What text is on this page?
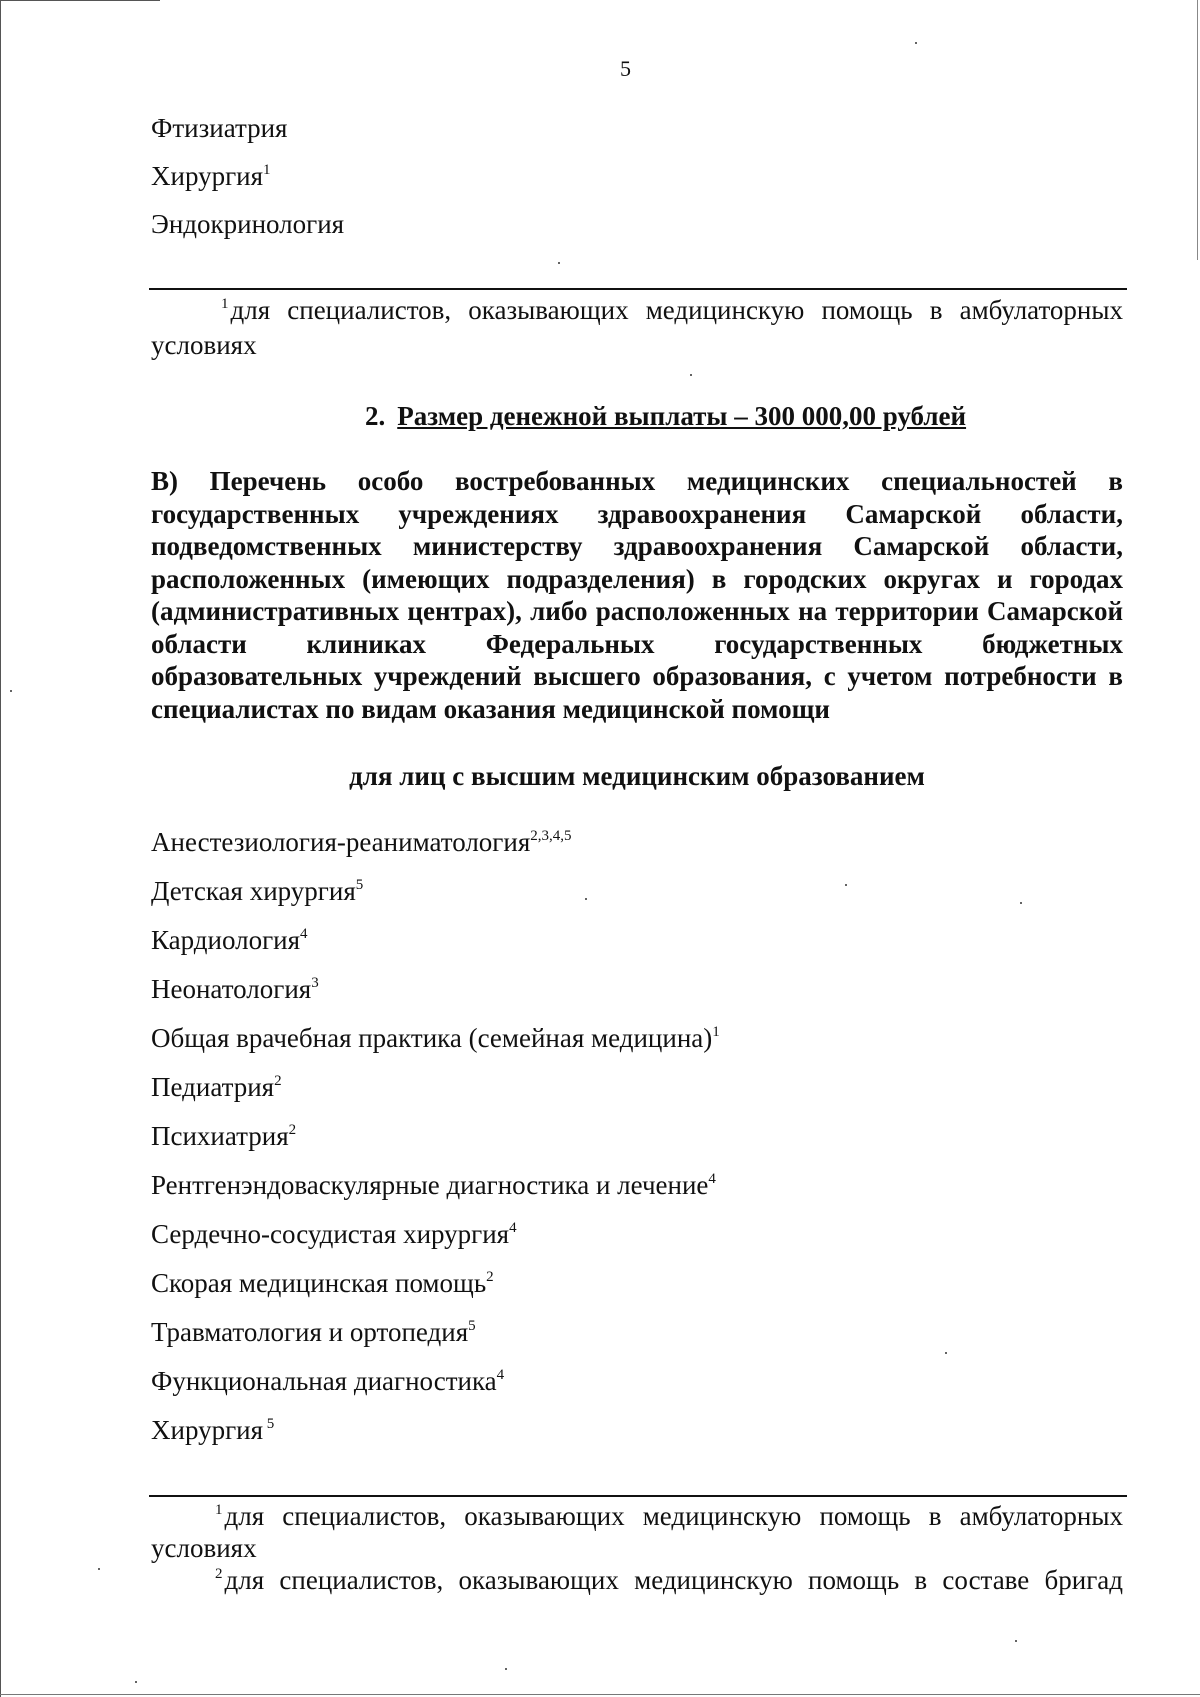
5
Фтизиатрия
Хирургия$^1$
Эндокринология
$^1$для специалистов, оказывающих медицинскую помощь в амбулаторных условиях
2. Размер денежной выплаты – 300 000,00 рублей
В) Перечень особо востребованных медицинских специальностей в государственных учреждениях здравоохранения Самарской области, подведомственных министерству здравоохранения Самарской области, расположенных (имеющих подразделения) в городских округах и городах (административных центрах), либо расположенных на территории Самарской области клиниках Федеральных государственных бюджетных образовательных учреждений высшего образования, с учетом потребности в специалистах по видам оказания медицинской помощи
для лиц с высшим медицинским образованием
Анестезиология-реаниматология$^{2,3,4,5}$
Детская хирургия$^5$
Кардиология$^4$
Неонатология$^3$
Общая врачебная практика (семейная медицина)$^1$
Педиатрия$^2$
Психиатрия$^2$
Рентгенэндоваскулярные диагностика и лечение$^4$
Сердечно-сосудистая хирургия$^4$
Скорая медицинская помощь$^2$
Травматология и ортопедия$^5$
Функциональная диагностика$^4$
Хирургия $^5$
$^1$для специалистов, оказывающих медицинскую помощь в амбулаторных условиях
$^2$для специалистов, оказывающих медицинскую помощь в составе бригад
